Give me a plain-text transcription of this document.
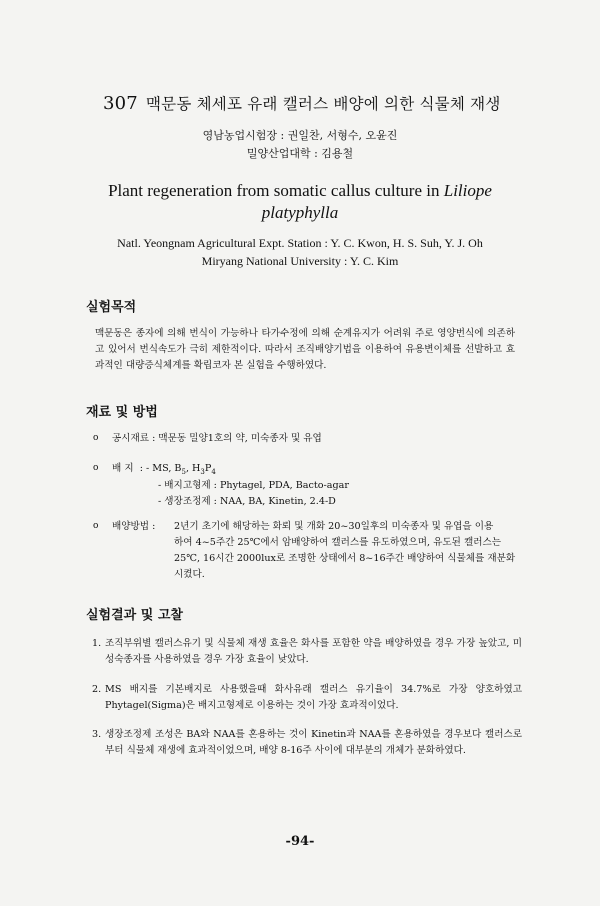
307 맥문동 체세포 유래 캘러스 배양에 의한 식물체 재생
영남농업시험장 : 권일찬, 서형수, 오윤진
밀양산업대학 : 김용철
Plant regeneration from somatic callus culture in Liliope
platyphylla
Natl. Yeongnam Agricultural Expt. Station : Y. C. Kwon, H. S. Suh, Y. J. Oh
Miryang National University : Y. C. Kim
실험목적
맥문동은 종자에 의해 번식이 가능하나 타가수정에 의해 순계유지가 어려워 주로 영양번식에 의존하고 있어서 번식속도가 극히 제한적이다. 따라서 조직배양기법을 이용하여 유용변이체를 선발하고 효과적인 대량증식체계를 확립코자 본 실험을 수행하였다.
재료 및 방법
o 공시재료 : 맥문동 밀양1호의 약, 미숙종자 및 유엽
o 배 지 : - MS, $B_5$, $H_3P_4$
- 배지고형제 : Phytagel, PDA, Bacto-agar
- 생장조정제 : NAA, BA, Kinetin, 2.4-D
o 배양방법 : 2년기 초기에 해당하는 화뢰 및 개화 20~30일후의 미숙종자 및 유엽을 이용
하여 4~5주간 25℃에서 암배양하여 캘러스를 유도하였으며, 유도된 캘러스는
25℃, 16시간 2000lux로 조명한 상태에서 8~16주간 배양하여 식물체를 재분화
시켰다.
실험결과 및 고찰
1. 조직부위별 캘러스유기 및 식물체 재생 효율은 화사를 포함한 약을 배양하였을 경우 가장 높았고, 미성숙종자를 사용하였을 경우 가장 효율이 낮았다.
2. MS 배지를 기본배지로 사용했을때 화사유래 캘러스 유기율이 34.7%로 가장 양호하였고 Phytagel(Sigma)은 배지고형제로 이용하는 것이 가장 효과적이었다.
3. 생장조정제 조성은 BA와 NAA를 혼용하는 것이 Kinetin과 NAA를 혼용하였을 경우보다 캘러스로부터 식물체 재생에 효과적이었으며, 배양 8-16주 사이에 대부분의 개체가 분화하였다.
-94-
